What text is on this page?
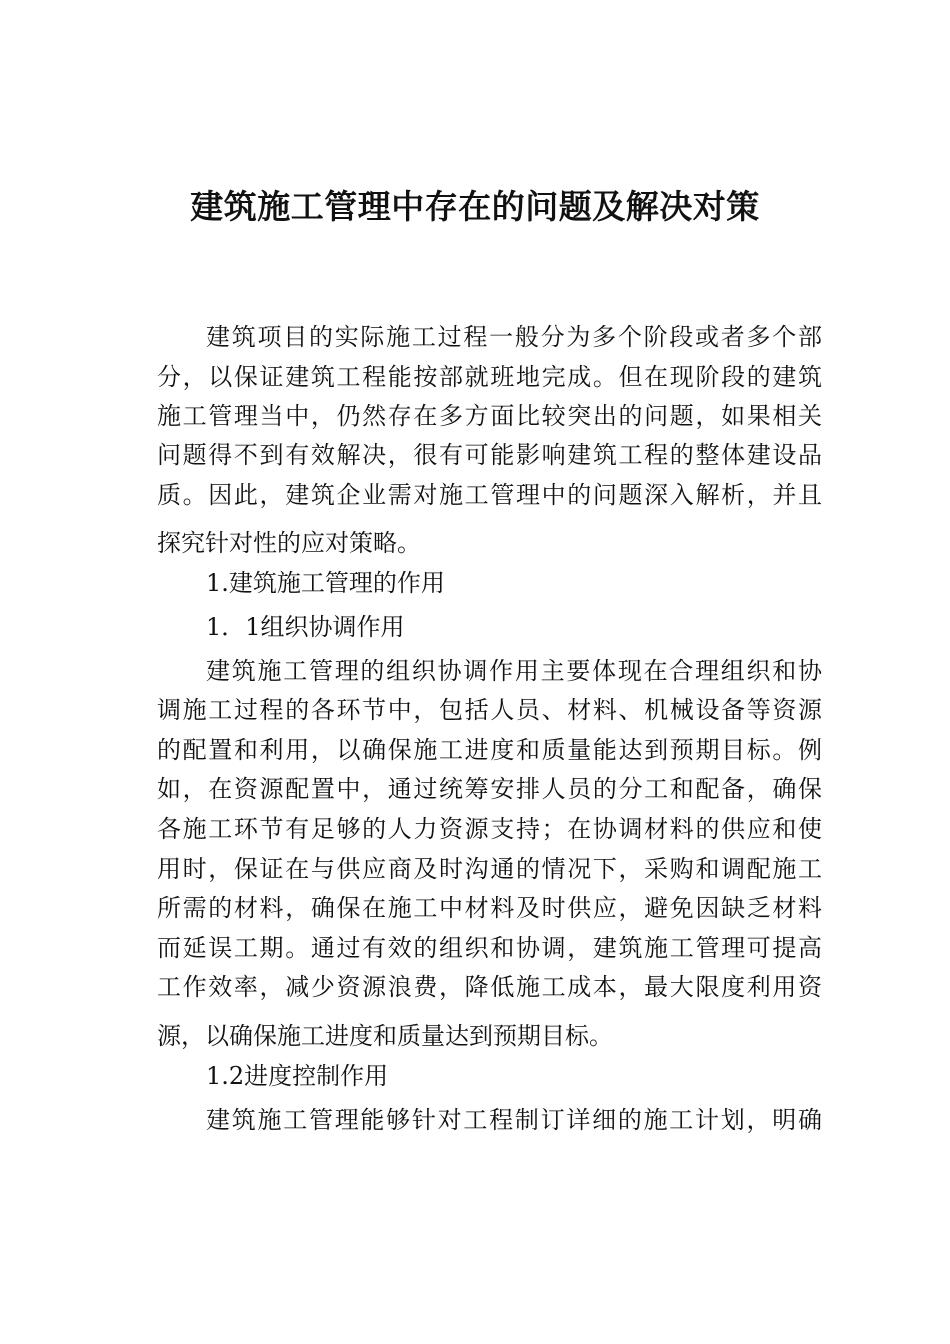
建筑施工管理中存在的问题及解决对策

建筑项目的实际施工过程一般分为多个阶段或者多个部

分，以保证建筑工程能按部就班地完成。但在现阶段的建筑

施工管理当中，仍然存在多方面比较突出的问题，如果相关

问题得不到有效解决，很有可能影响建筑工程的整体建设品

质。因此，建筑企业需对施工管理中的问题深入解析，并且

探究针对性的应对策略。

1.建筑施工管理的作用

1．1组织协调作用

建筑施工管理的组织协调作用主要体现在合理组织和协

调施工过程的各环节中，包括人员、材料、机械设备等资源

的配置和利用，以确保施工进度和质量能达到预期目标。例

如，在资源配置中，通过统筹安排人员的分工和配备，确保

各施工环节有足够的人力资源支持；在协调材料的供应和使

用时，保证在与供应商及时沟通的情况下，采购和调配施工

所需的材料，确保在施工中材料及时供应，避免因缺乏材料

而延误工期。通过有效的组织和协调，建筑施工管理可提高

工作效率，减少资源浪费，降低施工成本，最大限度利用资

源，以确保施工进度和质量达到预期目标。

1.2进度控制作用

建筑施工管理能够针对工程制订详细的施工计划，明确
